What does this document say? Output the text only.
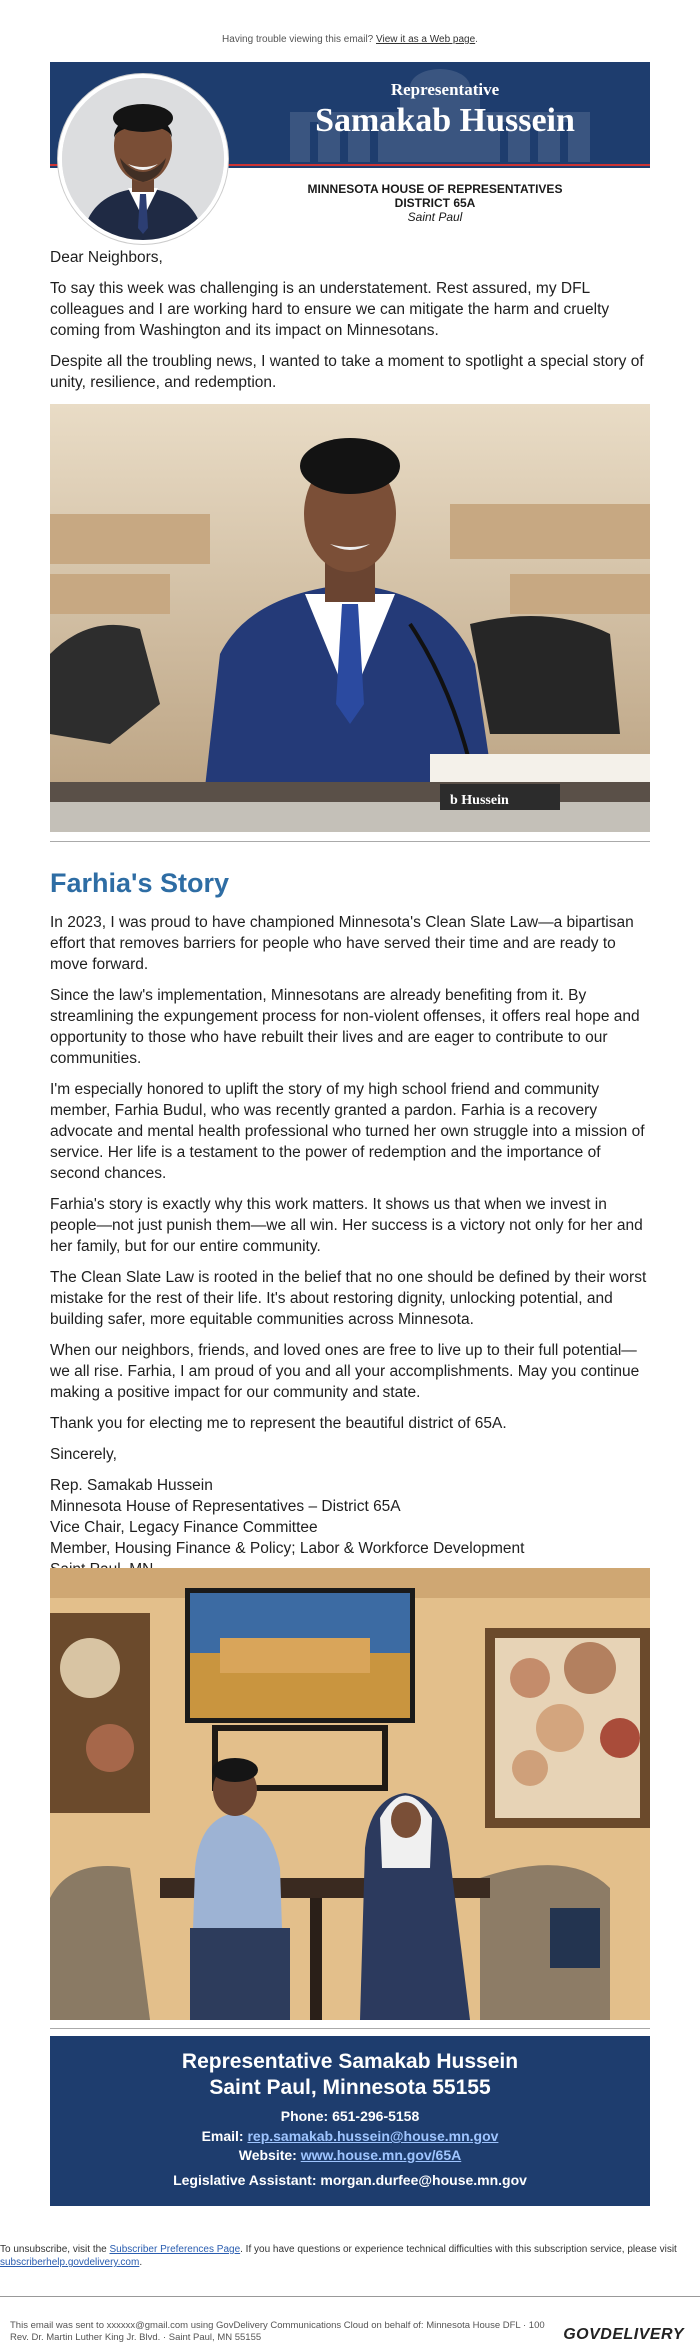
Having trouble viewing this email? View it as a Web page.
Representative
Samakab Hussein
MINNESOTA HOUSE OF REPRESENTATIVES
DISTRICT 65A
Saint Paul

Dear Neighbors,

To say this week was challenging is an understatement. Rest assured, my DFL colleagues and I are working hard to ensure we can mitigate the harm and cruelty coming from Washington and its impact on Minnesotans.

Despite all the troubling news, I wanted to take a moment to spotlight a special story of unity, resilience, and redemption.

b Hussein
Farhia's Story

In 2023, I was proud to have championed Minnesota's Clean Slate Law—a bipartisan effort that removes barriers for people who have served their time and are ready to move forward.

Since the law's implementation, Minnesotans are already benefiting from it. By streamlining the expungement process for non-violent offenses, it offers real hope and opportunity to those who have rebuilt their lives and are eager to contribute to our communities.

I'm especially honored to uplift the story of my high school friend and community member, Farhia Budul, who was recently granted a pardon. Farhia is a recovery advocate and mental health professional who turned her own struggle into a mission of service. Her life is a testament to the power of redemption and the importance of second chances.

Farhia's story is exactly why this work matters. It shows us that when we invest in people—not just punish them—we all win. Her success is a victory not only for her and her family, but for our entire community.

The Clean Slate Law is rooted in the belief that no one should be defined by their worst mistake for the rest of their life. It's about restoring dignity, unlocking potential, and building safer, more equitable communities across Minnesota.

When our neighbors, friends, and loved ones are free to live up to their full potential—we all rise. Farhia, I am proud of you and all your accomplishments. May you continue making a positive impact for our community and state.

Thank you for electing me to represent the beautiful district of 65A.

Sincerely,

Rep. Samakab Hussein
Minnesota House of Representatives – District 65A
Vice Chair, Legacy Finance Committee
Member, Housing Finance & Policy; Labor & Workforce Development
Representative Samakab Hussein
Saint Paul, Minnesota 55155
Phone: 651-296-5158
Email: rep.samakab.hussein@house.mn.gov
Website: www.house.mn.gov/65A
Legislative Assistant: morgan.durfee@house.mn.gov
To unsubscribe, visit the Subscriber Preferences Page. If you have questions or experience technical difficulties with this subscription service, please visit subscriberhelp.govdelivery.com.
This email was sent to xxxxxx@gmail.com using GovDelivery Communications Cloud on behalf of: Minnesota House DFL · 100
Rev. Dr. Martin Luther King Jr. Blvd. · Saint Paul, MN 55155	GOVDELIVERY
